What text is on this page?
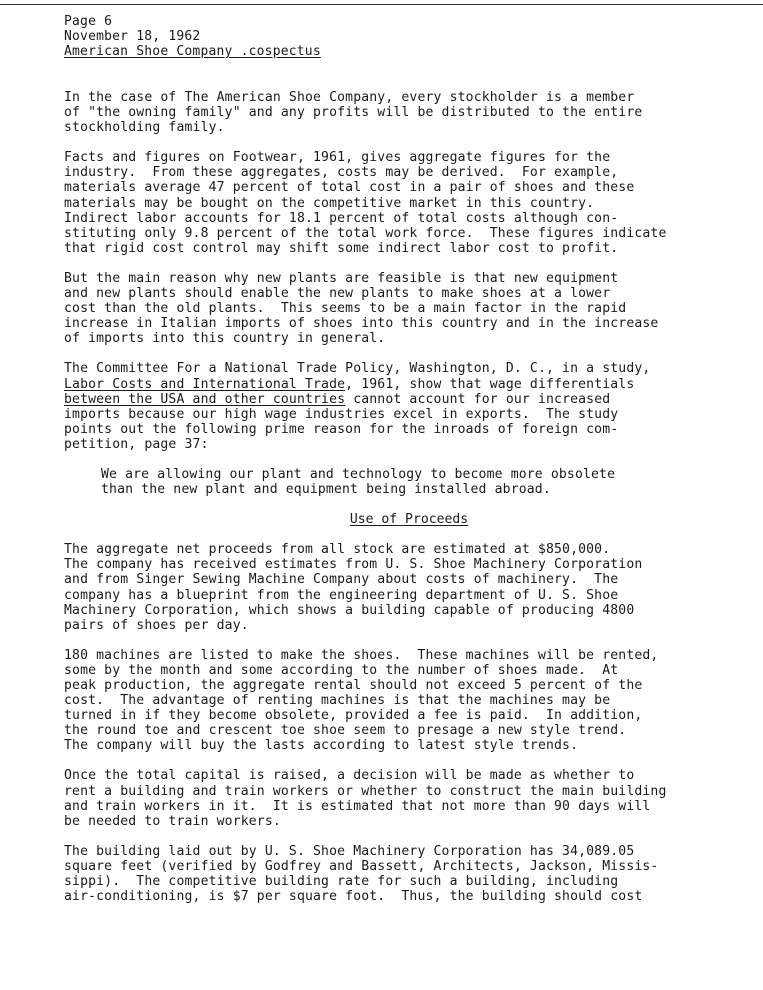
Page 6
November 18, 1962
American Shoe Company .cospectus

In the case of The American Shoe Company, every stockholder is a member

of "the owning family" and any profits will be distributed to the entire

stockholding family.

Facts and figures on Footwear, 1961, gives aggregate figures for the

industry.  From these aggregates, costs may be derived.  For example,

materials average 47 percent of total cost in a pair of shoes and these

materials may be bought on the competitive market in this country.

Indirect labor accounts for 18.1 percent of total costs although con-

stituting only 9.8 percent of the total work force.  These figures indicate

that rigid cost control may shift some indirect labor cost to profit.

But the main reason why new plants are feasible is that new equipment

and new plants should enable the new plants to make shoes at a lower

cost than the old plants.  This seems to be a main factor in the rapid

increase in Italian imports of shoes into this country and in the increase

of imports into this country in general.

The Committee For a National Trade Policy, Washington, D. C., in a study,

Labor Costs and International Trade, 1961, show that wage differentials

between the USA and other countries cannot account for our increased

imports because our high wage industries excel in exports.  The study

points out the following prime reason for the inroads of foreign com-

petition, page 37:

We are allowing our plant and technology to become more obsolete

than the new plant and equipment being installed abroad.

Use of Proceeds

The aggregate net proceeds from all stock are estimated at $850,000.

The company has received estimates from U. S. Shoe Machinery Corporation

and from Singer Sewing Machine Company about costs of machinery.  The

company has a blueprint from the engineering department of U. S. Shoe

Machinery Corporation, which shows a building capable of producing 4800

pairs of shoes per day.

180 machines are listed to make the shoes.  These machines will be rented,

some by the month and some according to the number of shoes made.  At

peak production, the aggregate rental should not exceed 5 percent of the

cost.  The advantage of renting machines is that the machines may be

turned in if they become obsolete, provided a fee is paid.  In addition,

the round toe and crescent toe shoe seem to presage a new style trend.

The company will buy the lasts according to latest style trends.

Once the total capital is raised, a decision will be made as whether to

rent a building and train workers or whether to construct the main building

and train workers in it.  It is estimated that not more than 90 days will

be needed to train workers.

The building laid out by U. S. Shoe Machinery Corporation has 34,089.05

square feet (verified by Godfrey and Bassett, Architects, Jackson, Missis-

sippi).  The competitive building rate for such a building, including

air-conditioning, is $7 per square foot.  Thus, the building should cost
